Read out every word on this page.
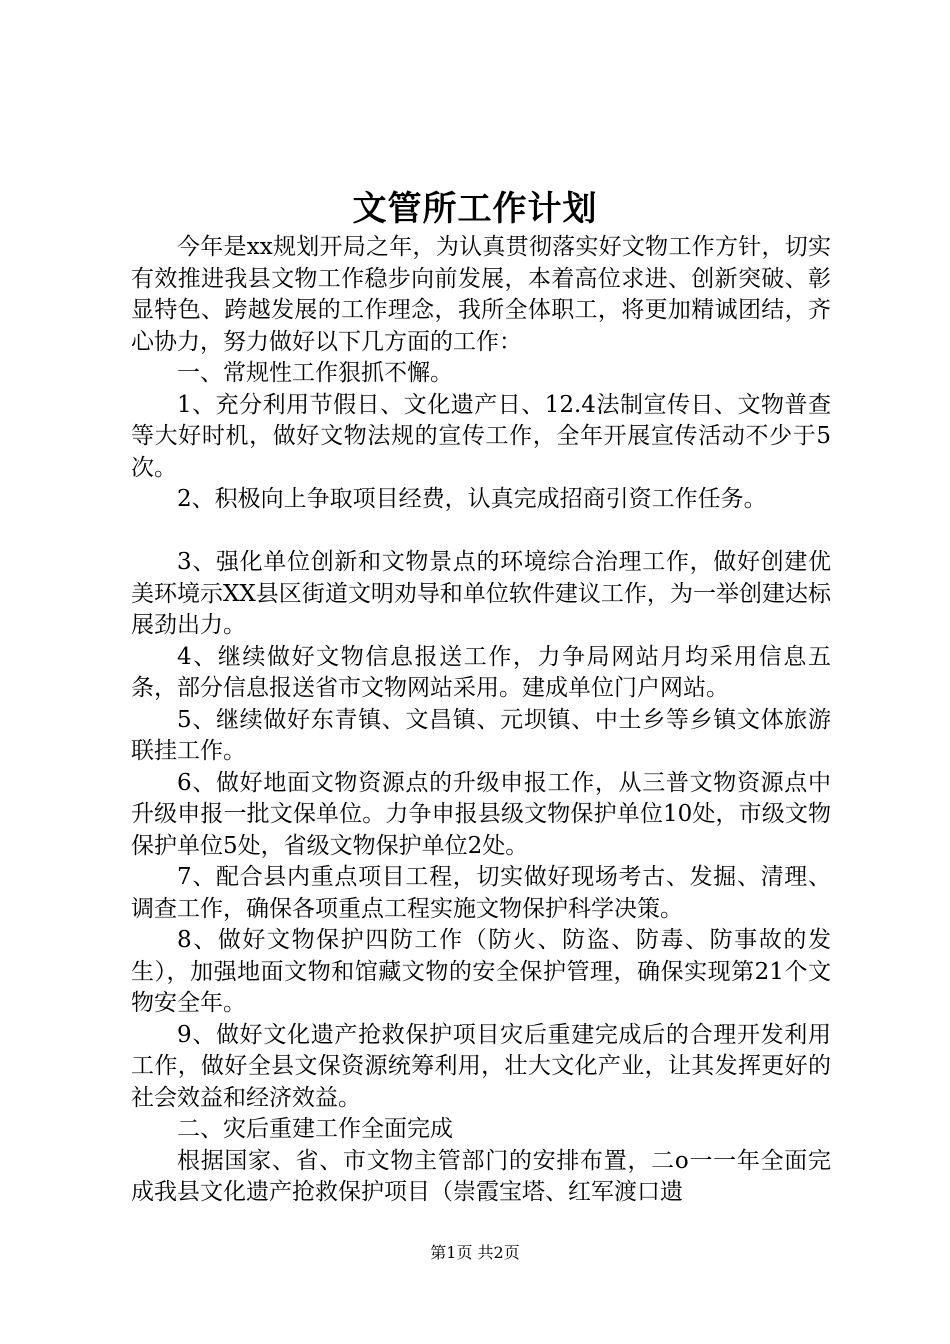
文管所工作计划

今年是xx规划开局之年，为认真贯彻落实好文物工作方针，切实有效推进我县文物工作稳步向前发展，本着高位求进、创新突破、彰显特色、跨越发展的工作理念，我所全体职工，将更加精诚团结，齐心协力，努力做好以下几方面的工作：

一、常规性工作狠抓不懈。

1、充分利用节假日、文化遗产日、12.4法制宣传日、文物普查等大好时机，做好文物法规的宣传工作，全年开展宣传活动不少于5次。

2、积极向上争取项目经费，认真完成招商引资工作任务。

3、强化单位创新和文物景点的环境综合治理工作，做好创建优美环境示XX县区街道文明劝导和单位软件建议工作，为一举创建达标展劲出力。

4、继续做好文物信息报送工作，力争局网站月均采用信息五条，部分信息报送省市文物网站采用。建成单位门户网站。

5、继续做好东青镇、文昌镇、元坝镇、中土乡等乡镇文体旅游联挂工作。

6、做好地面文物资源点的升级申报工作，从三普文物资源点中升级申报一批文保单位。力争申报县级文物保护单位10处，市级文物保护单位5处，省级文物保护单位2处。

7、配合县内重点项目工程，切实做好现场考古、发掘、清理、调查工作，确保各项重点工程实施文物保护科学决策。

8、做好文物保护四防工作（防火、防盗、防毒、防事故的发生），加强地面文物和馆藏文物的安全保护管理，确保实现第21个文物安全年。

9、做好文化遗产抢救保护项目灾后重建完成后的合理开发利用工作，做好全县文保资源统筹利用，壮大文化产业，让其发挥更好的社会效益和经济效益。

二、灾后重建工作全面完成

根据国家、省、市文物主管部门的安排布置，二o一一年全面完成我县文化遗产抢救保护项目（崇霞宝塔、红军渡口遗

第1页 共2页
